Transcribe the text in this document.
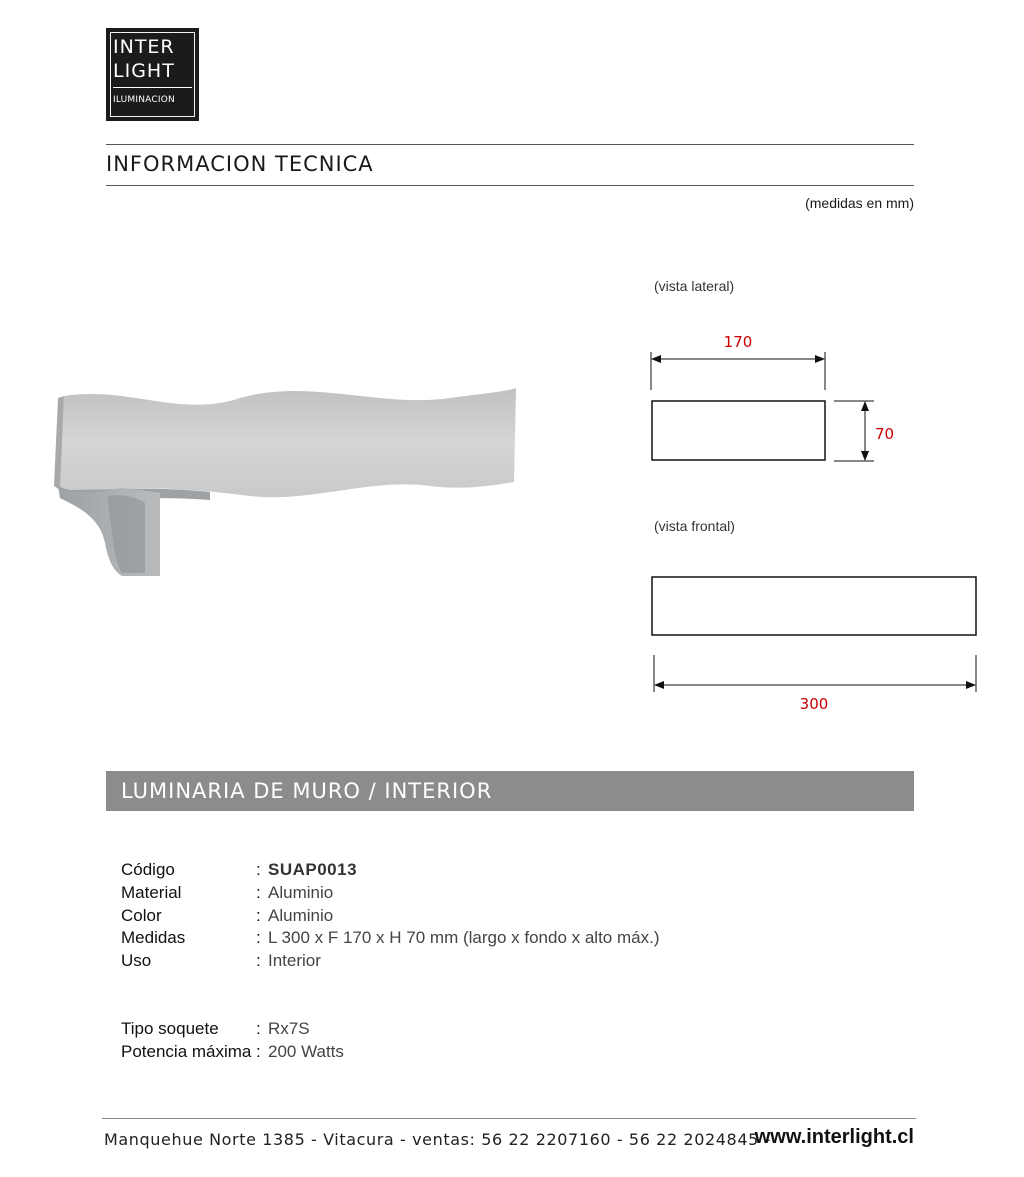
INTER
LIGHT
ILUMINACION
INFORMACION TECNICA
(medidas en mm)
(vista lateral)
(vista frontal)
170
70
300
LUMINARIA DE MURO / INTERIOR
Código	: SUAP0013
Material	: Aluminio
Color	: Aluminio
Medidas	: L 300 x F 170 x H 70 mm (largo x fondo x alto máx.)
Uso	: Interior
Tipo soquete : Rx7S
Potencia máxima : 200 Watts
Manquehue Norte 1385 - Vitacura - ventas: 56 22 2207160 - 56 22 2024845 -
www.interlight.cl
